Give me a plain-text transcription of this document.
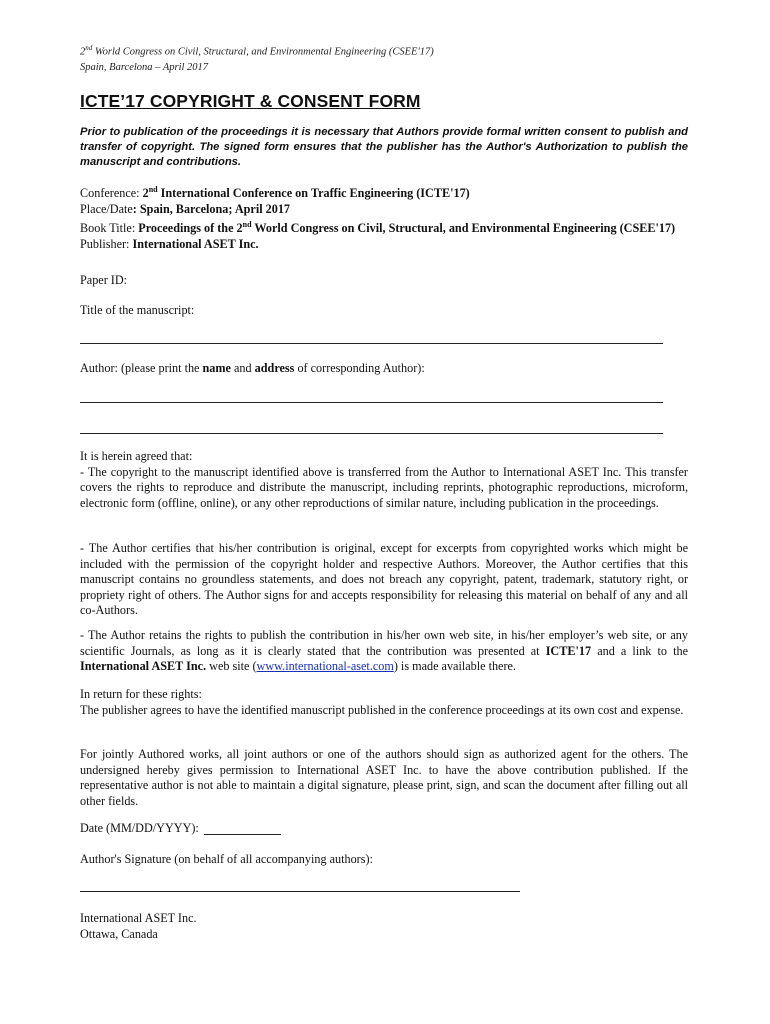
2nd World Congress on Civil, Structural, and Environmental Engineering (CSEE'17)
Spain, Barcelona – April 2017
ICTE’17 COPYRIGHT & CONSENT FORM
Prior to publication of the proceedings it is necessary that Authors provide formal written consent to publish and transfer of copyright. The signed form ensures that the publisher has the Author's Authorization to publish the manuscript and contributions.
Conference: 2nd International Conference on Traffic Engineering (ICTE'17)
Place/Date: Spain, Barcelona; April 2017
Book Title: Proceedings of the 2nd World Congress on Civil, Structural, and Environmental Engineering (CSEE'17)
Publisher: International ASET Inc.
Paper ID:
Title of the manuscript:
Author: (please print the name and address of corresponding Author):
It is herein agreed that:
- The copyright to the manuscript identified above is transferred from the Author to International ASET Inc. This transfer covers the rights to reproduce and distribute the manuscript, including reprints, photographic reproductions, microform, electronic form (offline, online), or any other reproductions of similar nature, including publication in the proceedings.
- The Author certifies that his/her contribution is original, except for excerpts from copyrighted works which might be included with the permission of the copyright holder and respective Authors. Moreover, the Author certifies that this manuscript contains no groundless statements, and does not breach any copyright, patent, trademark, statutory right, or propriety right of others. The Author signs for and accepts responsibility for releasing this material on behalf of any and all co-Authors.
- The Author retains the rights to publish the contribution in his/her own web site, in his/her employer’s web site, or any scientific Journals, as long as it is clearly stated that the contribution was presented at ICTE'17 and a link to the International ASET Inc. web site (www.international-aset.com) is made available there.
In return for these rights:
The publisher agrees to have the identified manuscript published in the conference proceedings at its own cost and expense.
For jointly Authored works, all joint authors or one of the authors should sign as authorized agent for the others. The undersigned hereby gives permission to International ASET Inc. to have the above contribution published. If the representative author is not able to maintain a digital signature, please print, sign, and scan the document after filling out all other fields.
Date (MM/DD/YYYY):
Author's Signature (on behalf of all accompanying authors):
International ASET Inc.
Ottawa, Canada
